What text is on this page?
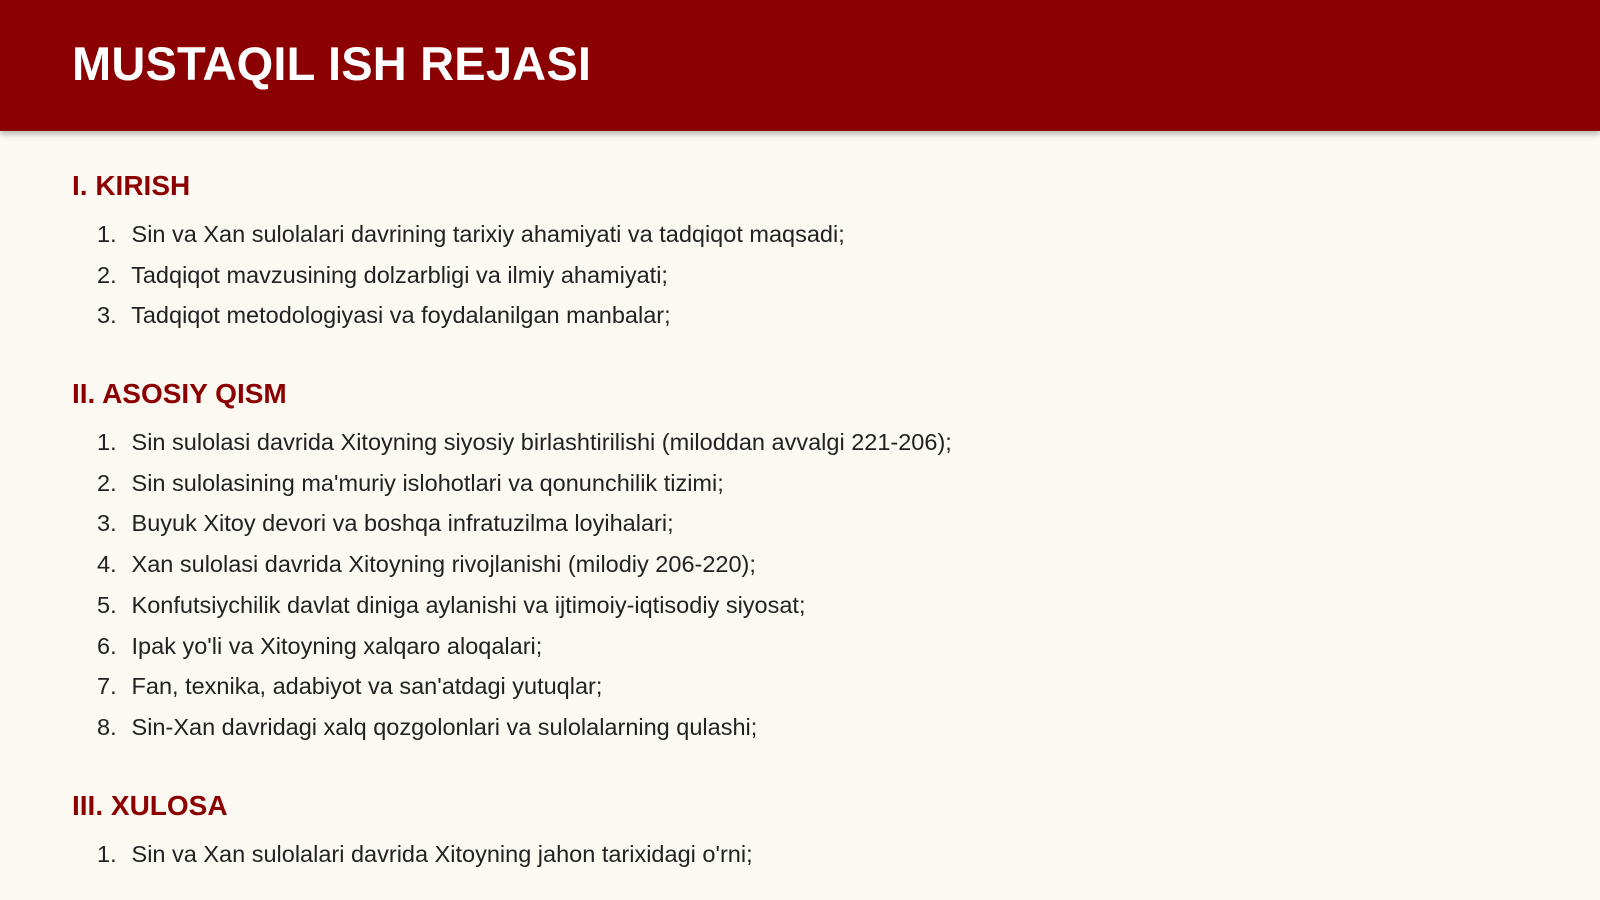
MUSTAQIL ISH REJASI
I. KIRISH
1. Sin va Xan sulolalari davrining tarixiy ahamiyati va tadqiqot maqsadi;
2. Tadqiqot mavzusining dolzarbligi va ilmiy ahamiyati;
3. Tadqiqot metodologiyasi va foydalanilgan manbalar;
II. ASOSIY QISM
1. Sin sulolasi davrida Xitoyning siyosiy birlashtirilishi (miloddan avvalgi 221-206);
2. Sin sulolasining ma'muriy islohotlari va qonunchilik tizimi;
3. Buyuk Xitoy devori va boshqa infratuzilma loyihalari;
4. Xan sulolasi davrida Xitoyning rivojlanishi (milodiy 206-220);
5. Konfutsiychilik davlat diniga aylanishi va ijtimoiy-iqtisodiy siyosat;
6. Ipak yo'li va Xitoyning xalqaro aloqalari;
7. Fan, texnika, adabiyot va san'atdagi yutuqlar;
8. Sin-Xan davridagi xalq qozgolonlari va sulolalarning qulashi;
III. XULOSA
1. Sin va Xan sulolalari davrida Xitoyning jahon tarixidagi o'rni;
